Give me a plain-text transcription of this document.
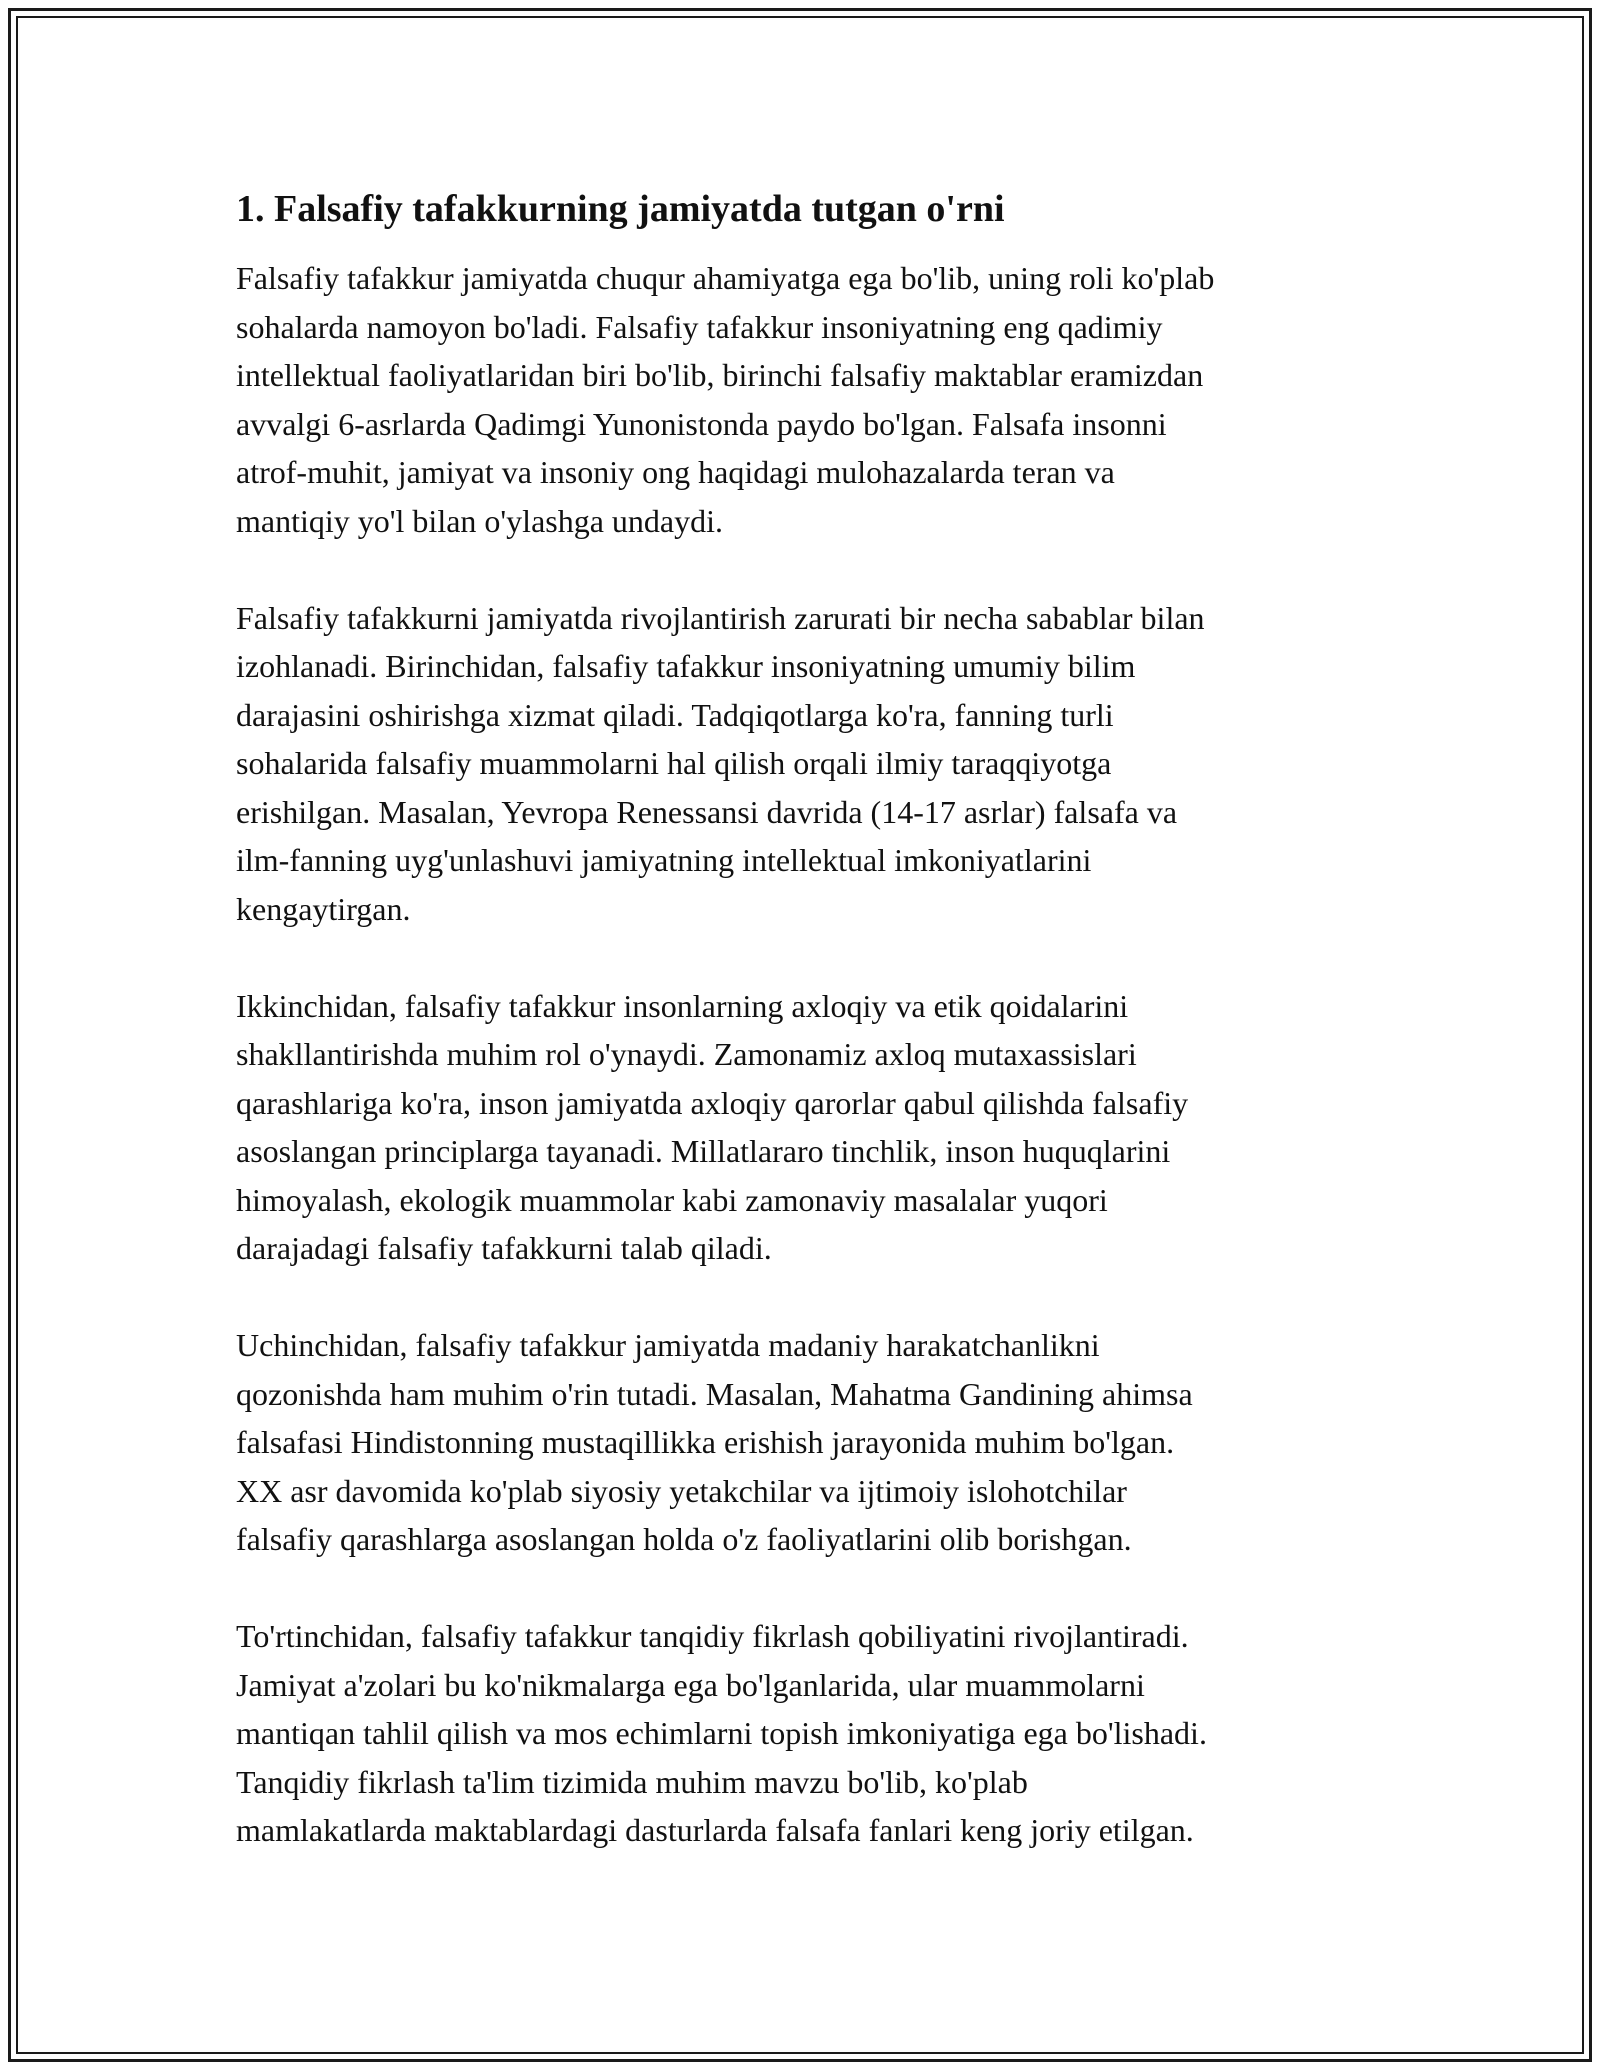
1. Falsafiy tafakkurning jamiyatda tutgan o'rni

Falsafiy tafakkur jamiyatda chuqur ahamiyatga ega bo'lib, uning roli ko'plab
sohalarda namoyon bo'ladi. Falsafiy tafakkur insoniyatning eng qadimiy
intellektual faoliyatlaridan biri bo'lib, birinchi falsafiy maktablar eramizdan
avvalgi 6-asrlarda Qadimgi Yunonistonda paydo bo'lgan. Falsafa insonni
atrof-muhit, jamiyat va insoniy ong haqidagi mulohazalarda teran va
mantiqiy yo'l bilan o'ylashga undaydi.

Falsafiy tafakkurni jamiyatda rivojlantirish zarurati bir necha sabablar bilan
izohlanadi. Birinchidan, falsafiy tafakkur insoniyatning umumiy bilim
darajasini oshirishga xizmat qiladi. Tadqiqotlarga ko'ra, fanning turli
sohalarida falsafiy muammolarni hal qilish orqali ilmiy taraqqiyotga
erishilgan. Masalan, Yevropa Renessansi davrida (14-17 asrlar) falsafa va
ilm-fanning uyg'unlashuvi jamiyatning intellektual imkoniyatlarini
kengaytirgan.

Ikkinchidan, falsafiy tafakkur insonlarning axloqiy va etik qoidalarini
shakllantirishda muhim rol o'ynaydi. Zamonamiz axloq mutaxassislari
qarashlariga ko'ra, inson jamiyatda axloqiy qarorlar qabul qilishda falsafiy
asoslangan principlarga tayanadi. Millatlararo tinchlik, inson huquqlarini
himoyalash, ekologik muammolar kabi zamonaviy masalalar yuqori
darajadagi falsafiy tafakkurni talab qiladi.

Uchinchidan, falsafiy tafakkur jamiyatda madaniy harakatchanlikni
qozonishda ham muhim o'rin tutadi. Masalan, Mahatma Gandining ahimsa
falsafasi Hindistonning mustaqillikka erishish jarayonida muhim bo'lgan.
XX asr davomida ko'plab siyosiy yetakchilar va ijtimoiy islohotchilar
falsafiy qarashlarga asoslangan holda o'z faoliyatlarini olib borishgan.

To'rtinchidan, falsafiy tafakkur tanqidiy fikrlash qobiliyatini rivojlantiradi.
Jamiyat a'zolari bu ko'nikmalarga ega bo'lganlarida, ular muammolarni
mantiqan tahlil qilish va mos echimlarni topish imkoniyatiga ega bo'lishadi.
Tanqidiy fikrlash ta'lim tizimida muhim mavzu bo'lib, ko'plab
mamlakatlarda maktablardagi dasturlarda falsafa fanlari keng joriy etilgan.
